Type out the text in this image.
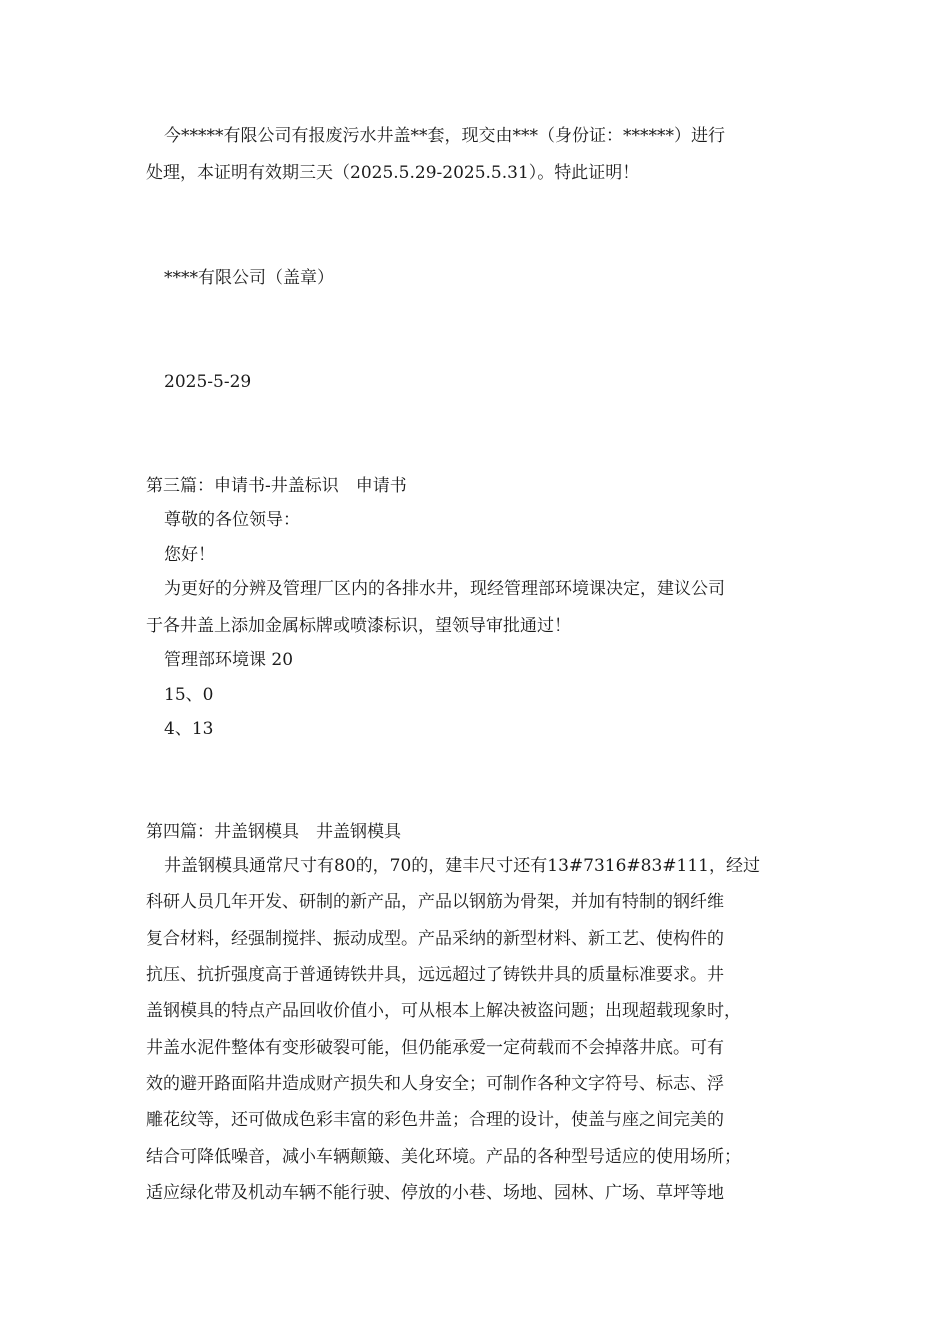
今*****有限公司有报废污水井盖**套，现交由***（身份证：******）进行
处理，本证明有效期三天（2025.5.29-2025.5.31）。特此证明！
****有限公司（盖章）
2025-5-29
第三篇：申请书-井盖标识　申请书
尊敬的各位领导：
您好！
为更好的分辨及管理厂区内的各排水井，现经管理部环境课决定，建议公司
于各井盖上添加金属标牌或喷漆标识，望领导审批通过！
管理部环境课 20
15、0
4、13
第四篇：井盖钢模具　井盖钢模具
井盖钢模具通常尺寸有80的，70的，建丰尺寸还有13#7316#83#111，经过
科研人员几年开发、研制的新产品，产品以钢筋为骨架，并加有特制的钢纤维
复合材料，经强制搅拌、振动成型。产品采纳的新型材料、新工艺、使构件的
抗压、抗折强度高于普通铸铁井具，远远超过了铸铁井具的质量标准要求。井
盖钢模具的特点产品回收价值小，可从根本上解决被盗问题；出现超载现象时，
井盖水泥件整体有变形破裂可能，但仍能承爱一定荷载而不会掉落井底。可有
效的避开路面陷井造成财产损失和人身安全；可制作各种文字符号、标志、浮
雕花纹等，还可做成色彩丰富的彩色井盖；合理的设计，使盖与座之间完美的
结合可降低噪音，减小车辆颠簸、美化环境。产品的各种型号适应的使用场所；
适应绿化带及机动车辆不能行驶、停放的小巷、场地、园林、广场、草坪等地
